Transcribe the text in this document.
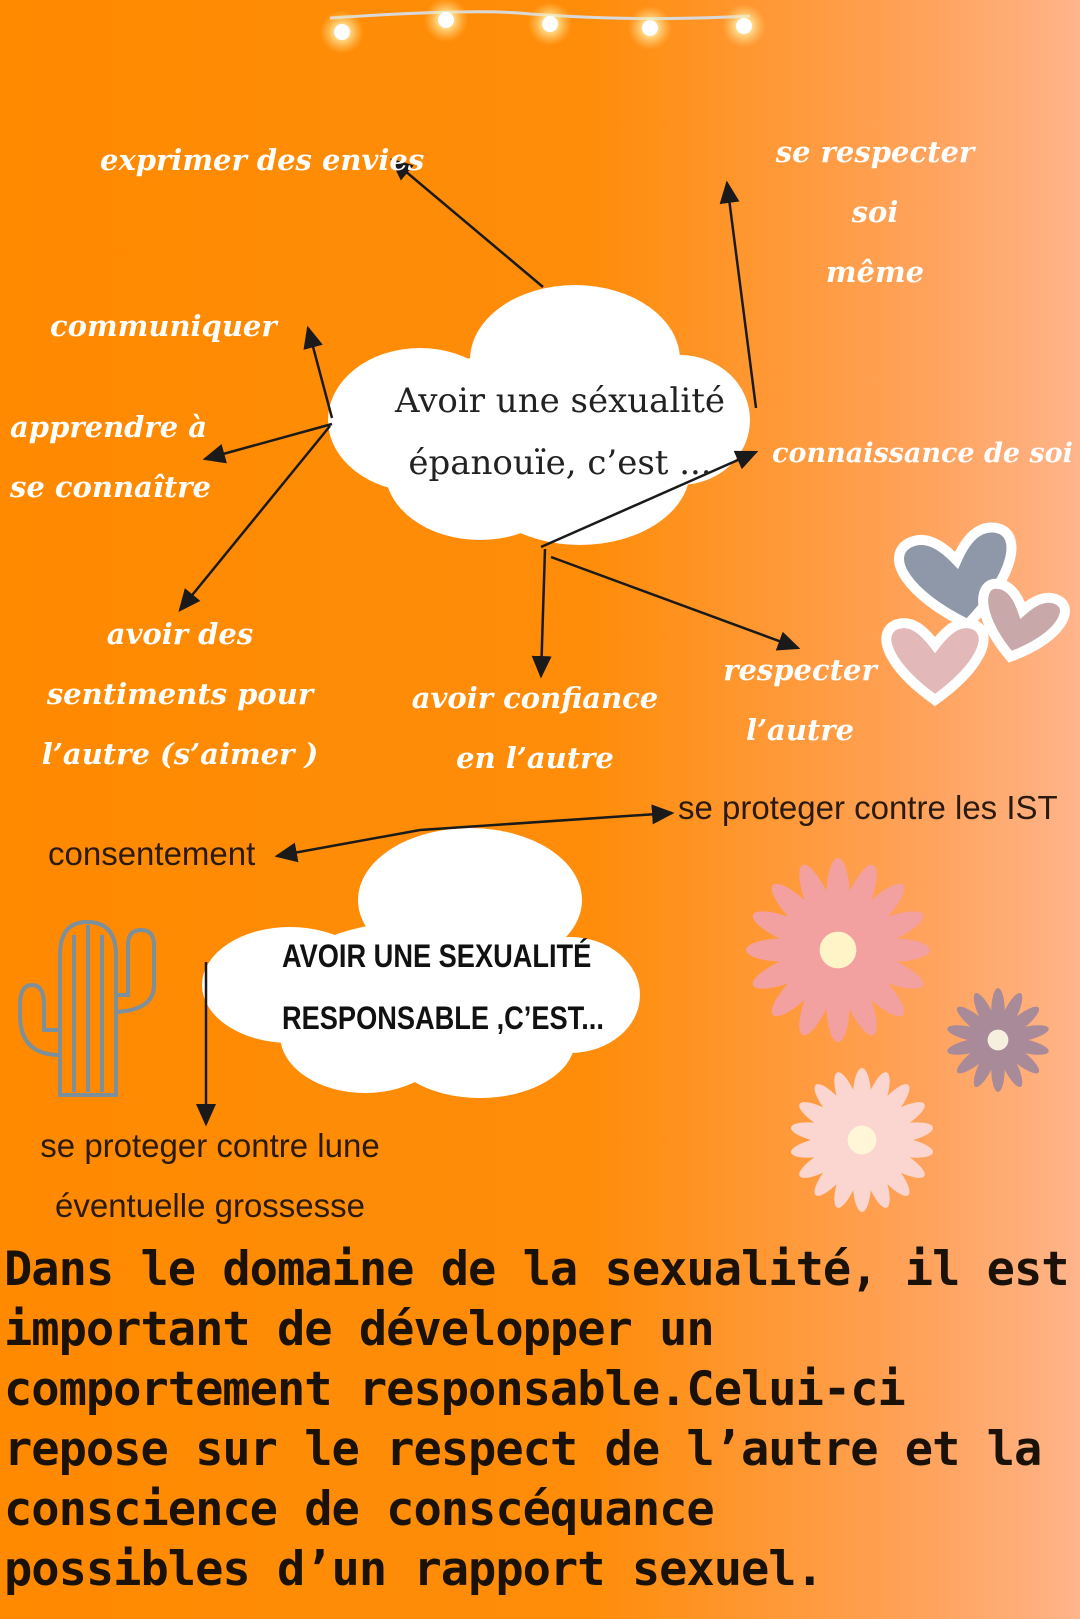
Avoir une séxualité
épanouïe, c’est ...
AVOIR UNE SEXUALITÉ
RESPONSABLE ,C’EST...
exprimer des envies	se respecter soi
même
communiquer
apprendre à
se connaître
connaissance de soi
avoir des
sentiments pour
l’autre (s’aimer )
avoir confiance
en l’autre
respecter
l’autre
se proteger contre les IST
consentement
se proteger contre lune
éventuelle grossesse
Dans le domaine de la sexualité, il est
important de développer un
comportement responsable.Celui-ci
repose sur le respect de l’autre et la
conscience de conscéquance
possibles d’un rapport sexuel.
